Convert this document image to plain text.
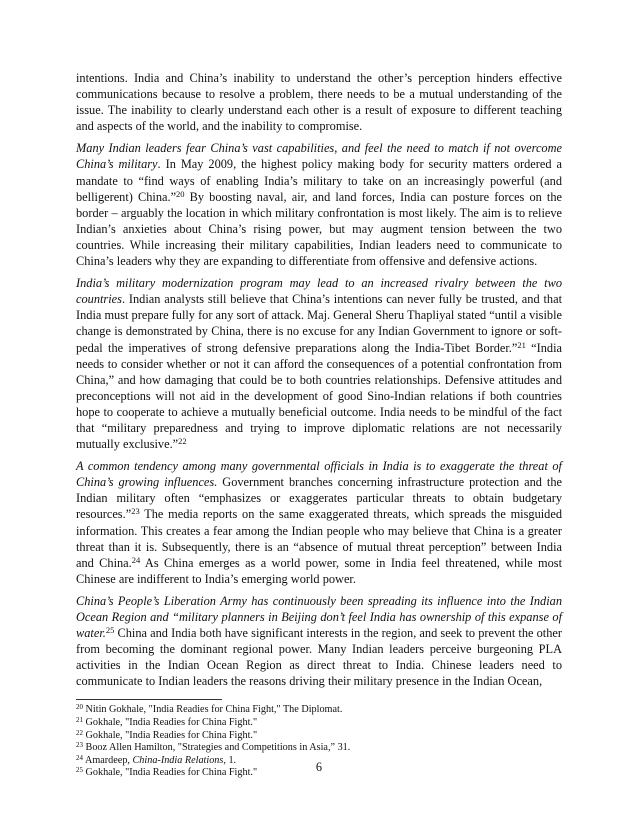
intentions. India and China’s inability to understand the other’s perception hinders effective communications because to resolve a problem, there needs to be a mutual understanding of the issue. The inability to clearly understand each other is a result of exposure to different teaching and aspects of the world, and the inability to compromise.

Many Indian leaders fear China’s vast capabilities, and feel the need to match if not overcome China’s military. In May 2009, the highest policy making body for security matters ordered a mandate to “find ways of enabling India’s military to take on an increasingly powerful (and belligerent) China.”$^{20}$ By boosting naval, air, and land forces, India can posture forces on the border – arguably the location in which military confrontation is most likely. The aim is to relieve Indian’s anxieties about China’s rising power, but may augment tension between the two countries. While increasing their military capabilities, Indian leaders need to communicate to China’s leaders why they are expanding to differentiate from offensive and defensive actions.

India’s military modernization program may lead to an increased rivalry between the two countries. Indian analysts still believe that China’s intentions can never fully be trusted, and that India must prepare fully for any sort of attack. Maj. General Sheru Thapliyal stated “until a visible change is demonstrated by China, there is no excuse for any Indian Government to ignore or soft-pedal the imperatives of strong defensive preparations along the India-Tibet Border.”$^{21}$ “India needs to consider whether or not it can afford the consequences of a potential confrontation from China,” and how damaging that could be to both countries relationships. Defensive attitudes and preconceptions will not aid in the development of good Sino-Indian relations if both countries hope to cooperate to achieve a mutually beneficial outcome. India needs to be mindful of the fact that “military preparedness and trying to improve diplomatic relations are not necessarily mutually exclusive.”$^{22}$

A common tendency among many governmental officials in India is to exaggerate the threat of China’s growing influences. Government branches concerning infrastructure protection and the Indian military often “emphasizes or exaggerates particular threats to obtain budgetary resources.”$^{23}$ The media reports on the same exaggerated threats, which spreads the misguided information. This creates a fear among the Indian people who may believe that China is a greater threat than it is. Subsequently, there is an “absence of mutual threat perception” between India and China.$^{24}$ As China emerges as a world power, some in India feel threatened, while most Chinese are indifferent to India’s emerging world power.

China’s People’s Liberation Army has continuously been spreading its influence into the Indian Ocean Region and “military planners in Beijing don’t feel India has ownership of this expanse of water.$^{25}$ China and India both have significant interests in the region, and seek to prevent the other from becoming the dominant regional power. Many Indian leaders perceive burgeoning PLA activities in the Indian Ocean Region as direct threat to India. Chinese leaders need to communicate to Indian leaders the reasons driving their military presence in the Indian Ocean,

$^{20}$ Nitin Gokhale, "India Readies for China Fight," The Diplomat.
$^{21}$ Gokhale, "India Readies for China Fight."
$^{22}$ Gokhale, "India Readies for China Fight."
$^{23}$ Booz Allen Hamilton, "Strategies and Competitions in Asia,” 31.
$^{24}$ Amardeep, China-India Relations, 1.
$^{25}$ Gokhale, "India Readies for China Fight."	6
